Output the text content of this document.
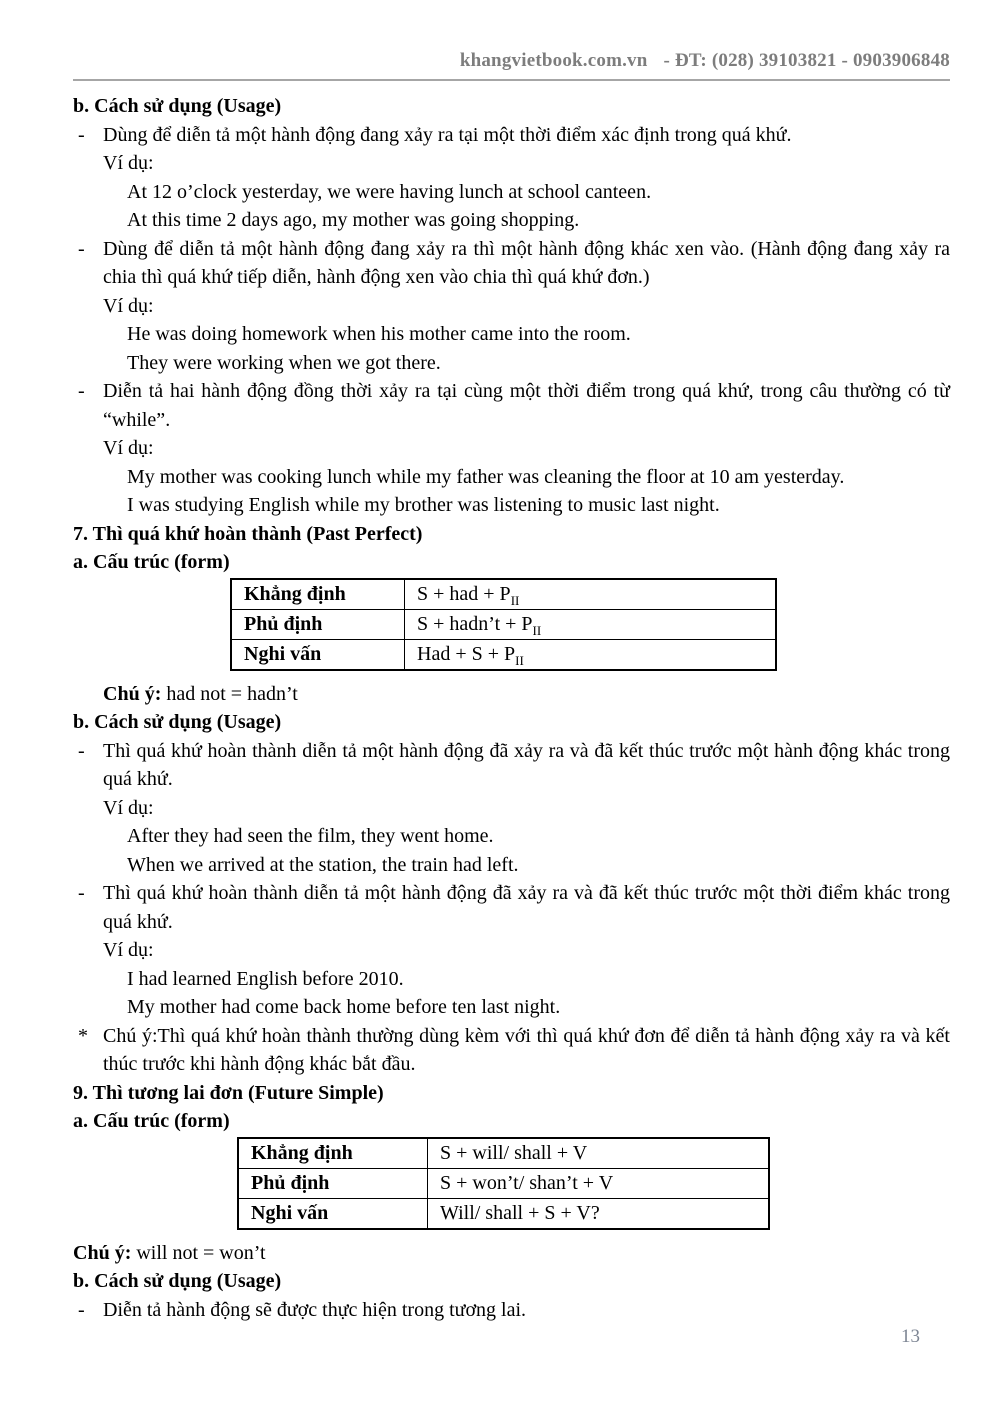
khangvietbook.com.vn - ĐT: (028) 39103821 - 0903906848

b. Cách sử dụng (Usage)

- Dùng để diễn tả một hành động đang xảy ra tại một thời điểm xác định trong quá khứ.

Ví dụ:

At 12 o’clock yesterday, we were having lunch at school canteen.

At this time 2 days ago, my mother was going shopping.

- Dùng để diễn tả một hành động đang xảy ra thì một hành động khác xen vào. (Hành động đang xảy ra chia thì quá khứ tiếp diễn, hành động xen vào chia thì quá khứ đơn.)

Ví dụ:

He was doing homework when his mother came into the room.

They were working when we got there.

- Diễn tả hai hành động đồng thời xảy ra tại cùng một thời điểm trong quá khứ, trong câu thường có từ “while”.

Ví dụ:

My mother was cooking lunch while my father was cleaning the floor at 10 am yesterday.

I was studying English while my brother was listening to music last night.

7. Thì quá khứ hoàn thành (Past Perfect)

a. Cấu trúc (form)

Khẳng định	S + had + $P_{II}$
Phủ định	S + hadn’t + $P_{II}$
Nghi vấn	Had + $S + P_{II}$

Chú ý: had not = hadn’t

b. Cách sử dụng (Usage)

- Thì quá khứ hoàn thành diễn tả một hành động đã xảy ra và đã kết thúc trước một hành động khác trong quá khứ.

Ví dụ:

After they had seen the film, they went home.

When we arrived at the station, the train had left.

- Thì quá khứ hoàn thành diễn tả một hành động đã xảy ra và đã kết thúc trước một thời điểm khác trong quá khứ.

Ví dụ:

I had learned English before 2010.

My mother had come back home before ten last night.

* Chú ý:Thì quá khứ hoàn thành thường dùng kèm với thì quá khứ đơn để diễn tả hành động xảy ra và kết thúc trước khi hành động khác bắt đầu.

9. Thì tương lai đơn (Future Simple)

a. Cấu trúc (form)

Khẳng định	S + will/ shall + V
Phủ định	S + won’t/ shan’t + V
Nghi vấn	Will/ shall + S + V?

Chú ý: will not = won’t

b. Cách sử dụng (Usage)

- Diễn tả hành động sẽ được thực hiện trong tương lai.
13
